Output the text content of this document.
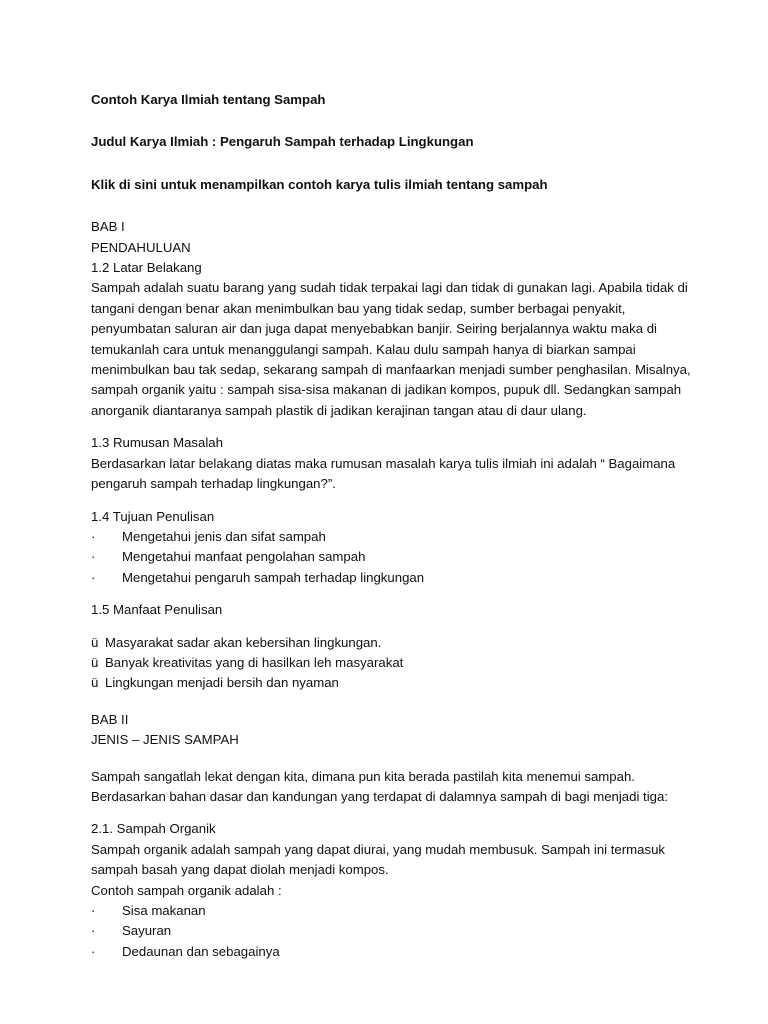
Contoh Karya Ilmiah tentang Sampah
Judul Karya Ilmiah : Pengaruh Sampah terhadap Lingkungan
Klik di sini untuk menampilkan contoh karya tulis ilmiah tentang sampah
BAB I
PENDAHULUAN
1.2 Latar Belakang
Sampah adalah suatu barang yang sudah tidak terpakai lagi dan tidak di gunakan lagi. Apabila tidak di
tangani dengan benar akan menimbulkan bau yang tidak sedap, sumber berbagai penyakit,
penyumbatan saluran air dan juga dapat menyebabkan banjir. Seiring berjalannya waktu maka di
temukanlah cara untuk menanggulangi sampah. Kalau dulu sampah hanya di biarkan sampai
menimbulkan bau tak sedap, sekarang sampah di manfaarkan menjadi sumber penghasilan. Misalnya,
sampah organik yaitu : sampah sisa-sisa makanan di jadikan kompos, pupuk dll. Sedangkan sampah
anorganik diantaranya sampah plastik di jadikan kerajinan tangan atau di daur ulang.
1.3 Rumusan Masalah
Berdasarkan latar belakang diatas maka rumusan masalah karya tulis ilmiah ini adalah “ Bagaimana
pengaruh sampah terhadap lingkungan?”.
1.4 Tujuan Penulisan
·	Mengetahui jenis dan sifat sampah
·	Mengetahui manfaat pengolahan sampah
·	Mengetahui pengaruh sampah terhadap lingkungan
1.5 Manfaat Penulisan
ü Masyarakat sadar akan kebersihan lingkungan.
ü Banyak kreativitas yang di hasilkan leh masyarakat
ü Lingkungan menjadi bersih dan nyaman
BAB II
JENIS – JENIS SAMPAH
Sampah sangatlah lekat dengan kita, dimana pun kita berada pastilah kita menemui sampah.
Berdasarkan bahan dasar dan kandungan yang terdapat di dalamnya sampah di bagi menjadi tiga:
2.1. Sampah Organik
Sampah organik adalah sampah yang dapat diurai, yang mudah membusuk. Sampah ini termasuk
sampah basah yang dapat diolah menjadi kompos.
Contoh sampah organik adalah :
·	Sisa makanan
·	Sayuran
·	Dedaunan dan sebagainya
